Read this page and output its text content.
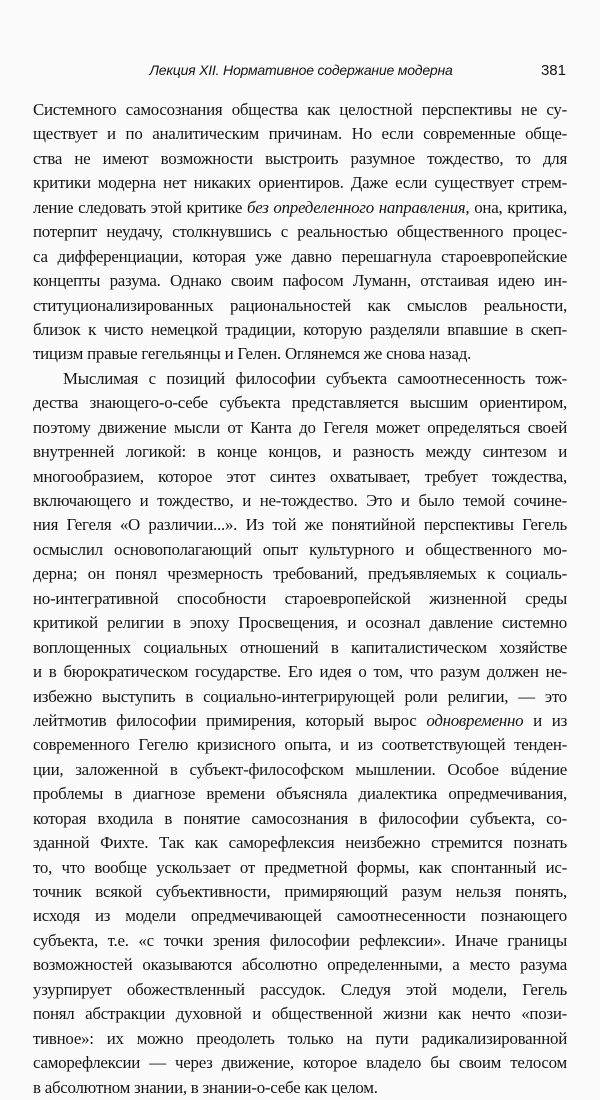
Лекция XII. Нормативное содержание модерна	381
Системного самосознания общества как целостной перспективы не су-
ществует и по аналитическим причинам. Но если современные обще-
ства не имеют возможности выстроить разумное тождество, то для
критики модерна нет никаких ориентиров. Даже если существует стрем-
ление следовать этой критике без определенного направления, она, критика,
потерпит неудачу, столкнувшись с реальностью общественного процес-
са дифференциации, которая уже давно перешагнула староевропейские
концепты разума. Однако своим пафосом Луманн, отстаивая идею ин-
ституционализированных рациональностей как смыслов реальности,
близок к чисто немецкой традиции, которую разделяли впавшие в скеп-
тицизм правые гегельянцы и Гелен. Оглянемся же снова назад.
Мыслимая с позиций философии субъекта самоотнесенность тож-
дества знающего-о-себе субъекта представляется высшим ориентиром,
поэтому движение мысли от Канта до Гегеля может определяться своей
внутренней логикой: в конце концов, и разность между синтезом и
многообразием, которое этот синтез охватывает, требует тождества,
включающего и тождество, и не-тождество. Это и было темой сочине-
ния Гегеля «О различии...». Из той же понятийной перспективы Гегель
осмыслил основополагающий опыт культурного и общественного мо-
дерна; он понял чрезмерность требований, предъявляемых к социаль-
но-интегративной способности староевропейской жизненной среды
критикой религии в эпоху Просвещения, и осознал давление системно
воплощенных социальных отношений в капиталистическом хозяйстве
и в бюрократическом государстве. Его идея о том, что разум должен не-
избежно выступить в социально-интегрирующей роли религии, — это
лейтмотив философии примирения, который вырос одновременно и из
современного Гегелю кризисного опыта, и из соответствующей тенден-
ции, заложенной в субъект-философском мышлении. Особое вúдение
проблемы в диагнозе времени объясняла диалектика опредмечивания,
которая входила в понятие самосознания в философии субъекта, со-
зданной Фихте. Так как саморефлексия неизбежно стремится познать
то, что вообще ускользает от предметной формы, как спонтанный ис-
точник всякой субъективности, примиряющий разум нельзя понять,
исходя из модели опредмечивающей самоотнесенности познающего
субъекта, т.е. «с точки зрения философии рефлексии». Иначе границы
возможностей оказываются абсолютно определенными, а место разума
узурпирует обожествленный рассудок. Следуя этой модели, Гегель
понял абстракции духовной и общественной жизни как нечто «пози-
тивное»: их можно преодолеть только на пути радикализированной
саморефлексии — через движение, которое владело бы своим телосом
в абсолютном знании, в знании-о-себе как целом.
